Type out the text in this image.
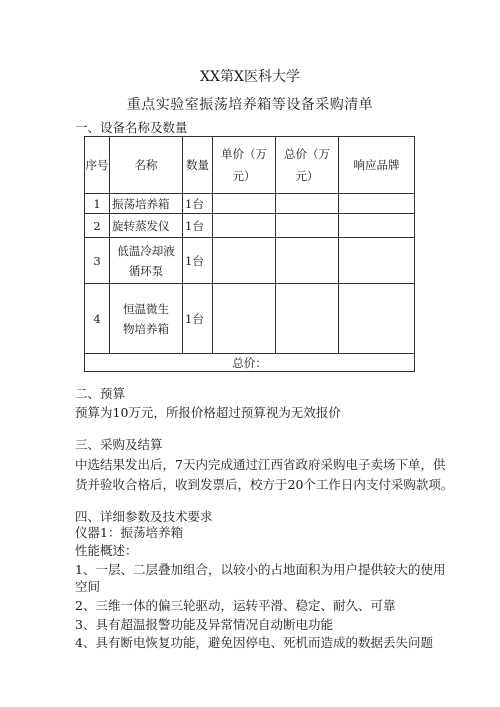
XX第X医科大学
重点实验室振荡培养箱等设备采购清单
一、设备名称及数量
序号	名称	数量	单价（万元）	总价（万元）	响应品牌
1	振荡培养箱	1台			
2	旋转蒸发仪	1台			
3	低温冷却液循环泵	1台			
4	恒温微生物培养箱	1台			
总价：					
二、预算
预算为10万元，所报价格超过预算视为无效报价
三、采购及结算
中选结果发出后，7天内完成通过江西省政府采购电子卖场下单，供
货并验收合格后，收到发票后，校方于20个工作日内支付采购款项。
四、详细参数及技术要求
仪器1：振荡培养箱
性能概述：
1、一层、二层叠加组合，以较小的占地面积为用户提供较大的使用
空间
2、三维一体的偏三轮驱动，运转平滑、稳定、耐久、可靠
3、具有超温报警功能及异常情况自动断电功能
4、具有断电恢复功能，避免因停电、死机而造成的数据丢失问题
